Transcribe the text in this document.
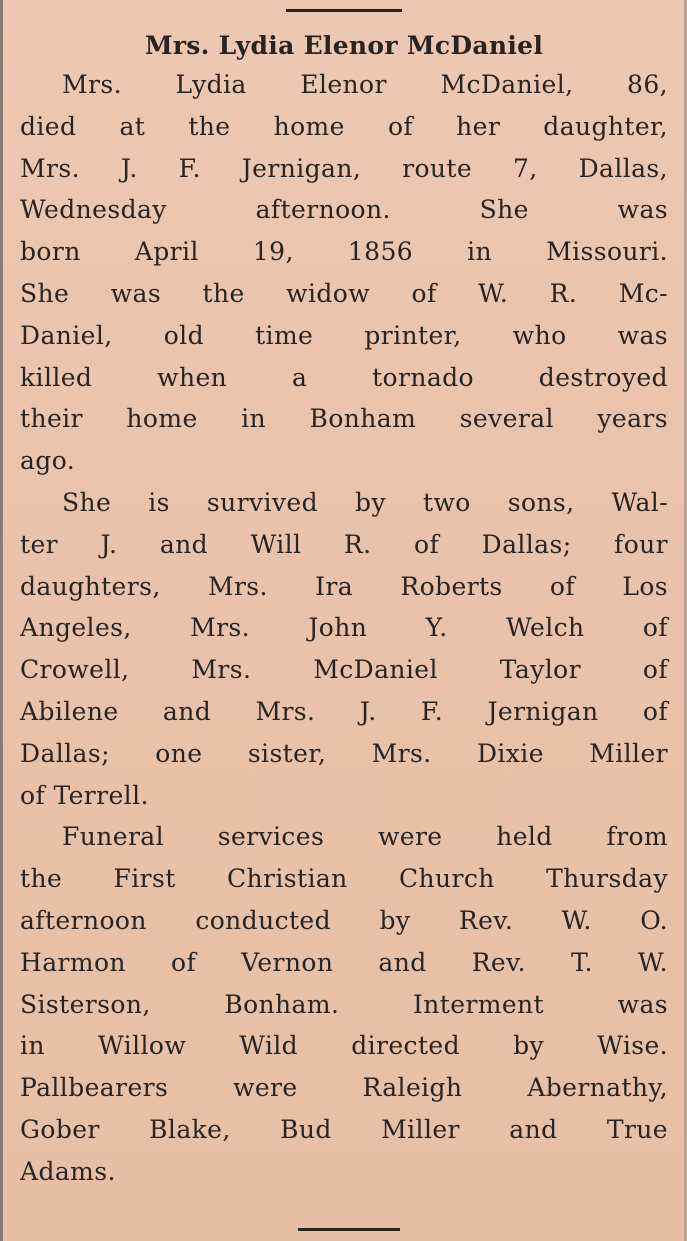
Mrs. Lydia Elenor McDaniel
Mrs. Lydia Elenor McDaniel, 86,
died at the home of her daughter,
Mrs. J. F. Jernigan, route 7, Dallas,
Wednesday afternoon. She was
born April 19, 1856 in Missouri.
She was the widow of W. R. Mc-
Daniel, old time printer, who was
killed when a tornado destroyed
their home in Bonham several years
ago.
She is survived by two sons, Wal-
ter J. and Will R. of Dallas; four
daughters, Mrs. Ira Roberts of Los
Angeles, Mrs. John Y. Welch of
Crowell, Mrs. McDaniel Taylor of
Abilene and Mrs. J. F. Jernigan of
Dallas; one sister, Mrs. Dixie Miller
of Terrell.
Funeral services were held from
the First Christian Church Thursday
afternoon conducted by Rev. W. O.
Harmon of Vernon and Rev. T. W.
Sisterson, Bonham. Interment was
in Willow Wild directed by Wise.
Pallbearers were Raleigh Abernathy,
Gober Blake, Bud Miller and True
Adams.
